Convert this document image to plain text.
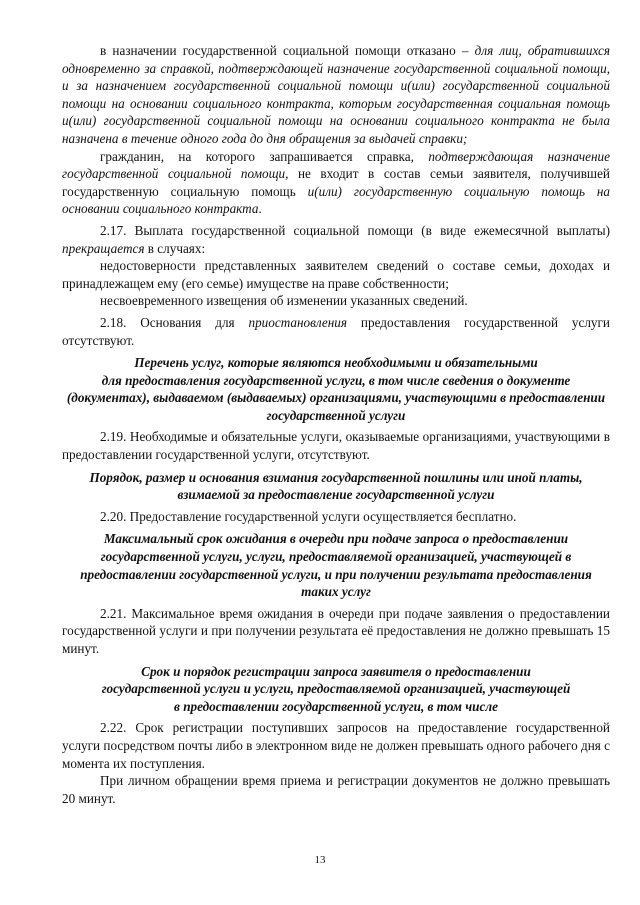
в назначении государственной социальной помощи отказано – для лиц, обратившихся одновременно за справкой, подтверждающей назначение государственной социальной помощи, и за назначением государственной социальной помощи и(или) государственной социальной помощи на основании социального контракта, которым государственная социальная помощь и(или) государственной социальной помощи на основании социального контракта не была назначена в течение одного года до дня обращения за выдачей справки;

гражданин, на которого запрашивается справка, подтверждающая назначение государственной социальной помощи, не входит в состав семьи заявителя, получившей государственную социальную помощь и(или) государственную социальную помощь на основании социального контракта.

2.17. Выплата государственной социальной помощи (в виде ежемесячной выплаты) прекращается в случаях:

недостоверности представленных заявителем сведений о составе семьи, доходах и принадлежащем ему (его семье) имуществе на праве собственности;

несвоевременного извещения об изменении указанных сведений.

2.18. Основания для приостановления предоставления государственной услуги отсутствуют.

Перечень услуг, которые являются необходимыми и обязательными
для предоставления государственной услуги, в том числе сведения о документе (документах), выдаваемом (выдаваемых) организациями, участвующими в предоставлении государственной услуги

2.19. Необходимые и обязательные услуги, оказываемые организациями, участвующими в предоставлении государственной услуги, отсутствуют.

Порядок, размер и основания взимания государственной пошлины или иной платы, взимаемой за предоставление государственной услуги

2.20. Предоставление государственной услуги осуществляется бесплатно.

Максимальный срок ожидания в очереди при подаче запроса о предоставлении государственной услуги, услуги, предоставляемой организацией, участвующей в предоставлении государственной услуги, и при получении результата предоставления таких услуг

2.21. Максимальное время ожидания в очереди при подаче заявления о предоставлении государственной услуги и при получении результата её предоставления не должно превышать 15 минут.

Срок и порядок регистрации запроса заявителя о предоставлении
государственной услуги и услуги, предоставляемой организацией, участвующей
в предоставлении государственной услуги, в том числе

2.22. Срок регистрации поступивших запросов на предоставление государственной услуги посредством почты либо в электронном виде не должен превышать одного рабочего дня с момента их поступления.

При личном обращении время приема и регистрации документов не должно превышать 20 минут.

13
